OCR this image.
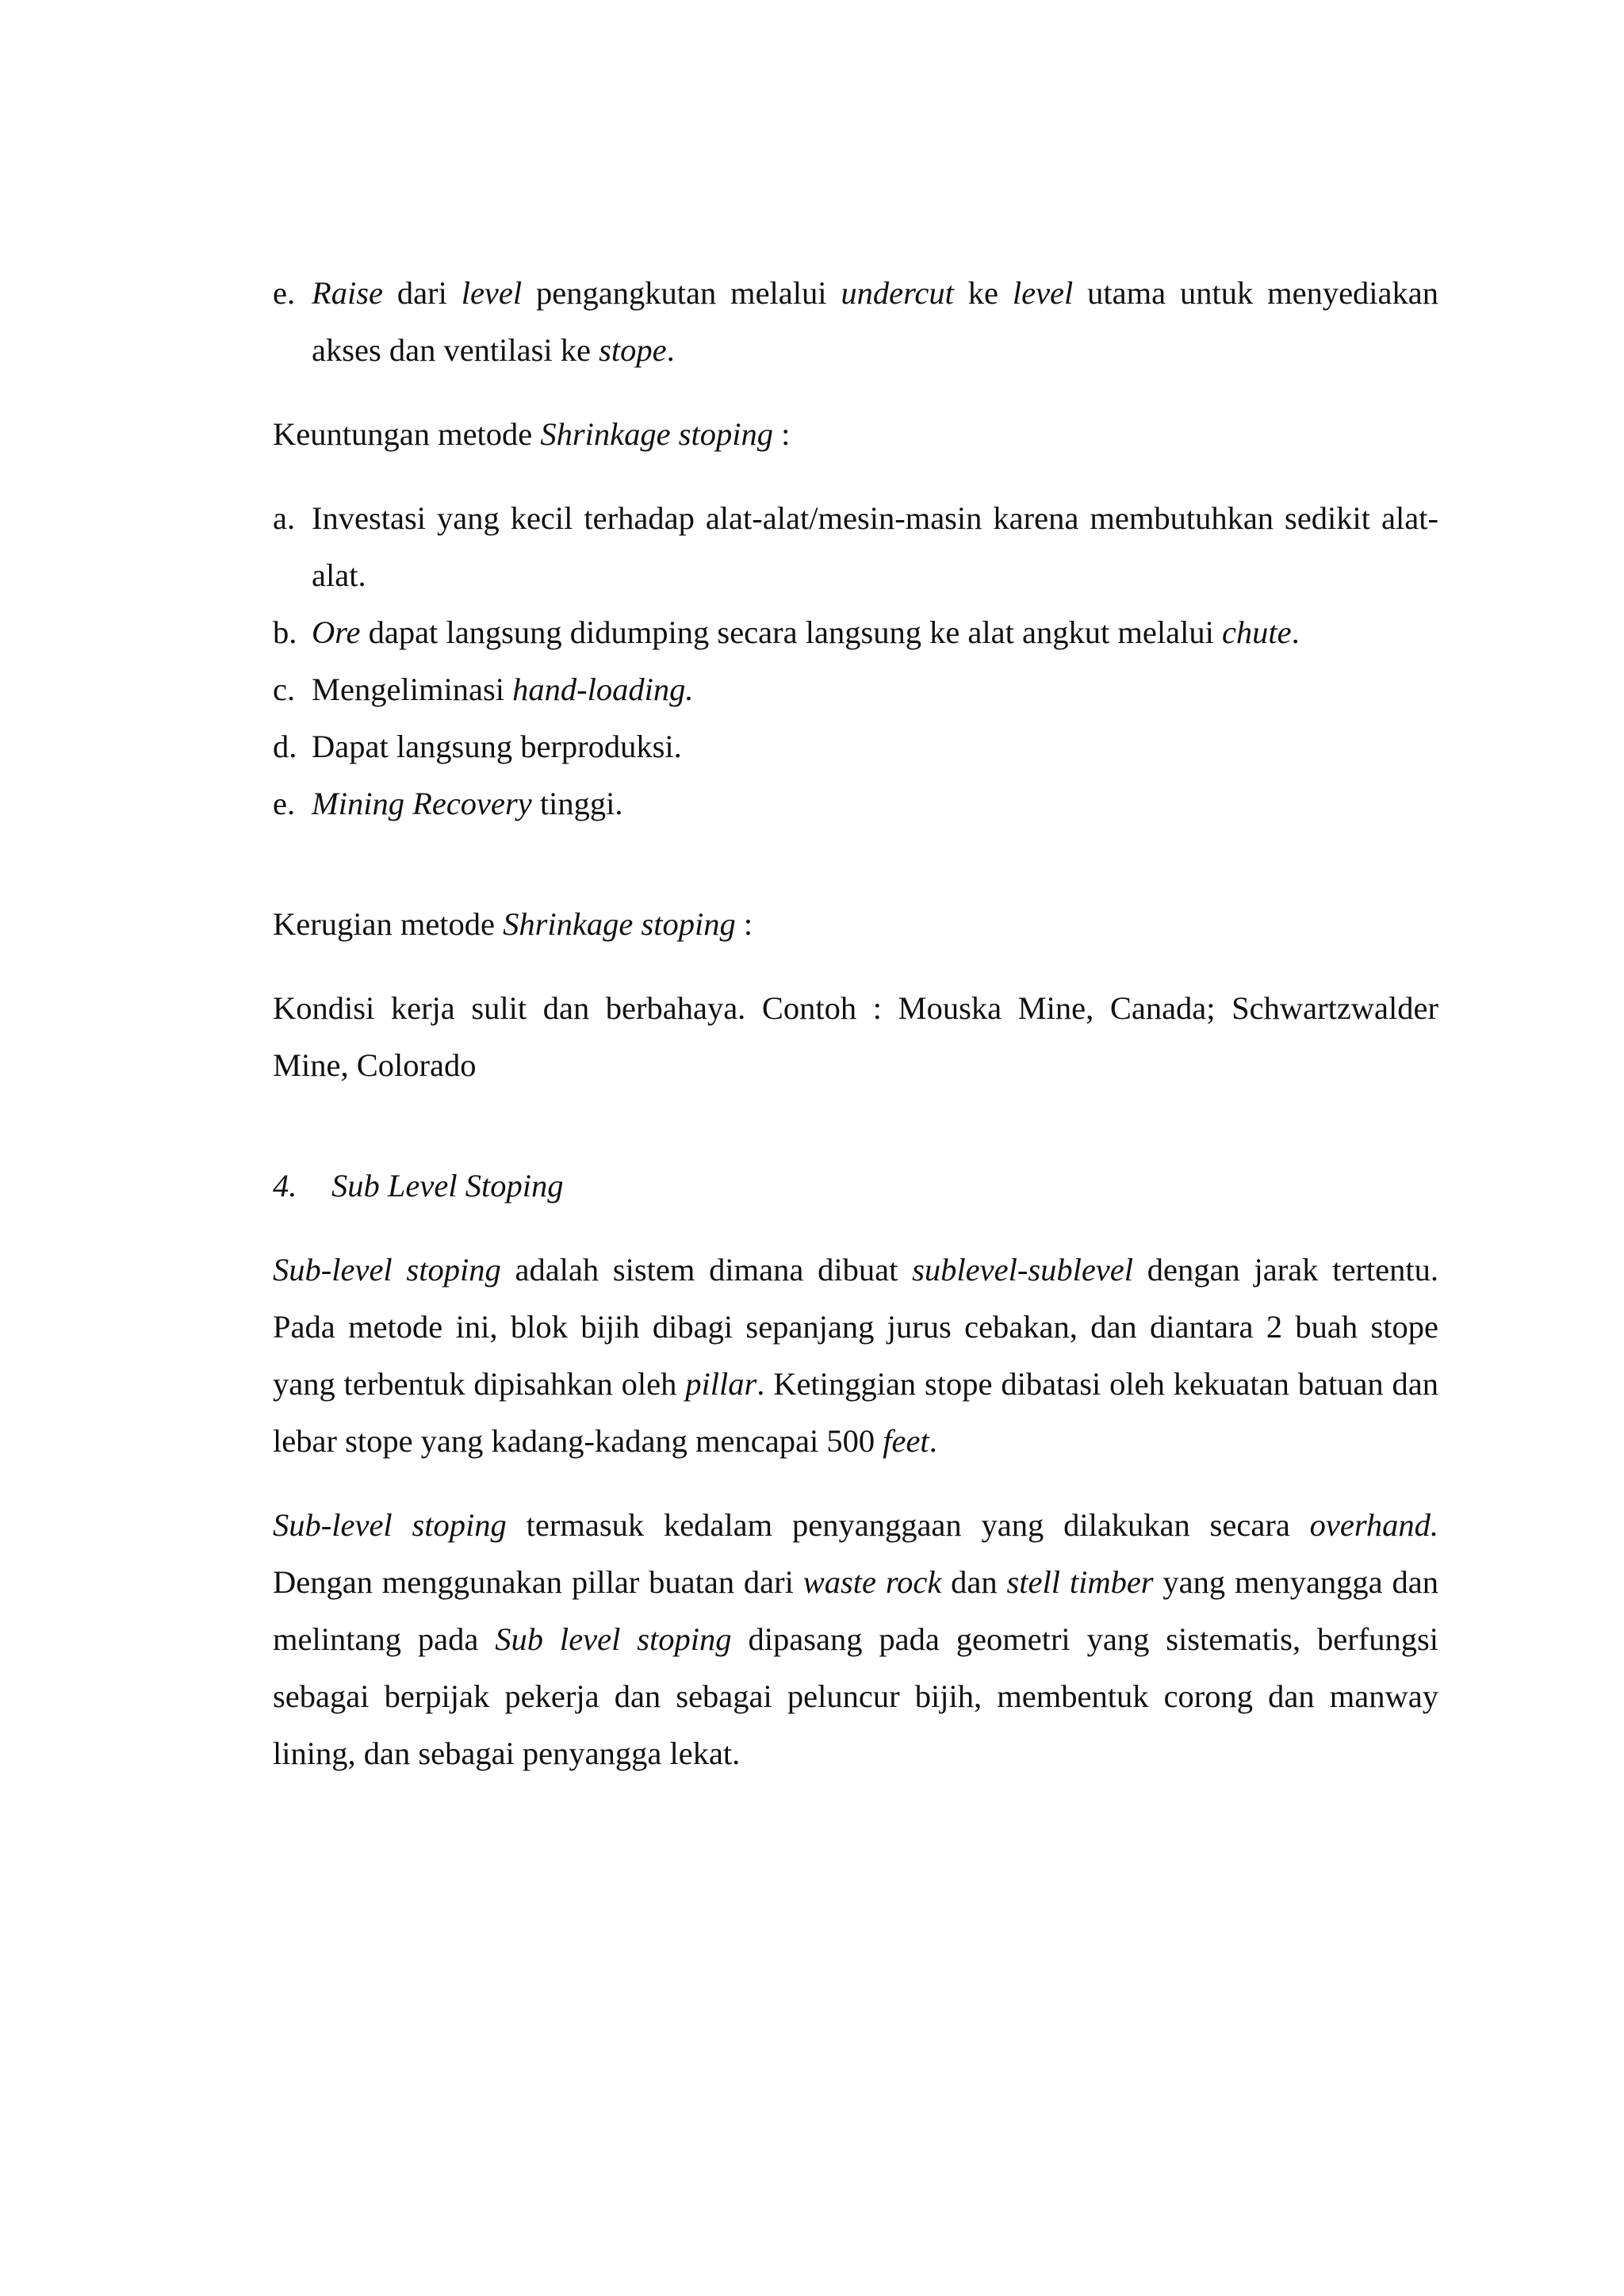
e. Raise dari level pengangkutan melalui undercut ke level utama untuk menyediakan akses dan ventilasi ke stope.

Keuntungan metode Shrinkage stoping :

a. Investasi yang kecil terhadap alat-alat/mesin-masin karena membutuhkan sedikit alat-alat.
b. Ore dapat langsung didumping secara langsung ke alat angkut melalui chute.
c. Mengeliminasi hand-loading.
d. Dapat langsung berproduksi.
e. Mining Recovery tinggi.

Kerugian metode Shrinkage stoping :

Kondisi kerja sulit dan berbahaya. Contoh : Mouska Mine, Canada; Schwartzwalder Mine, Colorado

4. Sub Level Stoping

Sub-level stoping adalah sistem dimana dibuat sublevel-sublevel dengan jarak tertentu. Pada metode ini, blok bijih dibagi sepanjang jurus cebakan, dan diantara 2 buah stope yang terbentuk dipisahkan oleh pillar. Ketinggian stope dibatasi oleh kekuatan batuan dan lebar stope yang kadang-kadang mencapai 500 feet.

Sub-level stoping termasuk kedalam penyanggaan yang dilakukan secara overhand. Dengan menggunakan pillar buatan dari waste rock dan stell timber yang menyangga dan melintang pada Sub level stoping dipasang pada geometri yang sistematis, berfungsi sebagai berpijak pekerja dan sebagai peluncur bijih, membentuk corong dan manway lining, dan sebagai penyangga lekat.
